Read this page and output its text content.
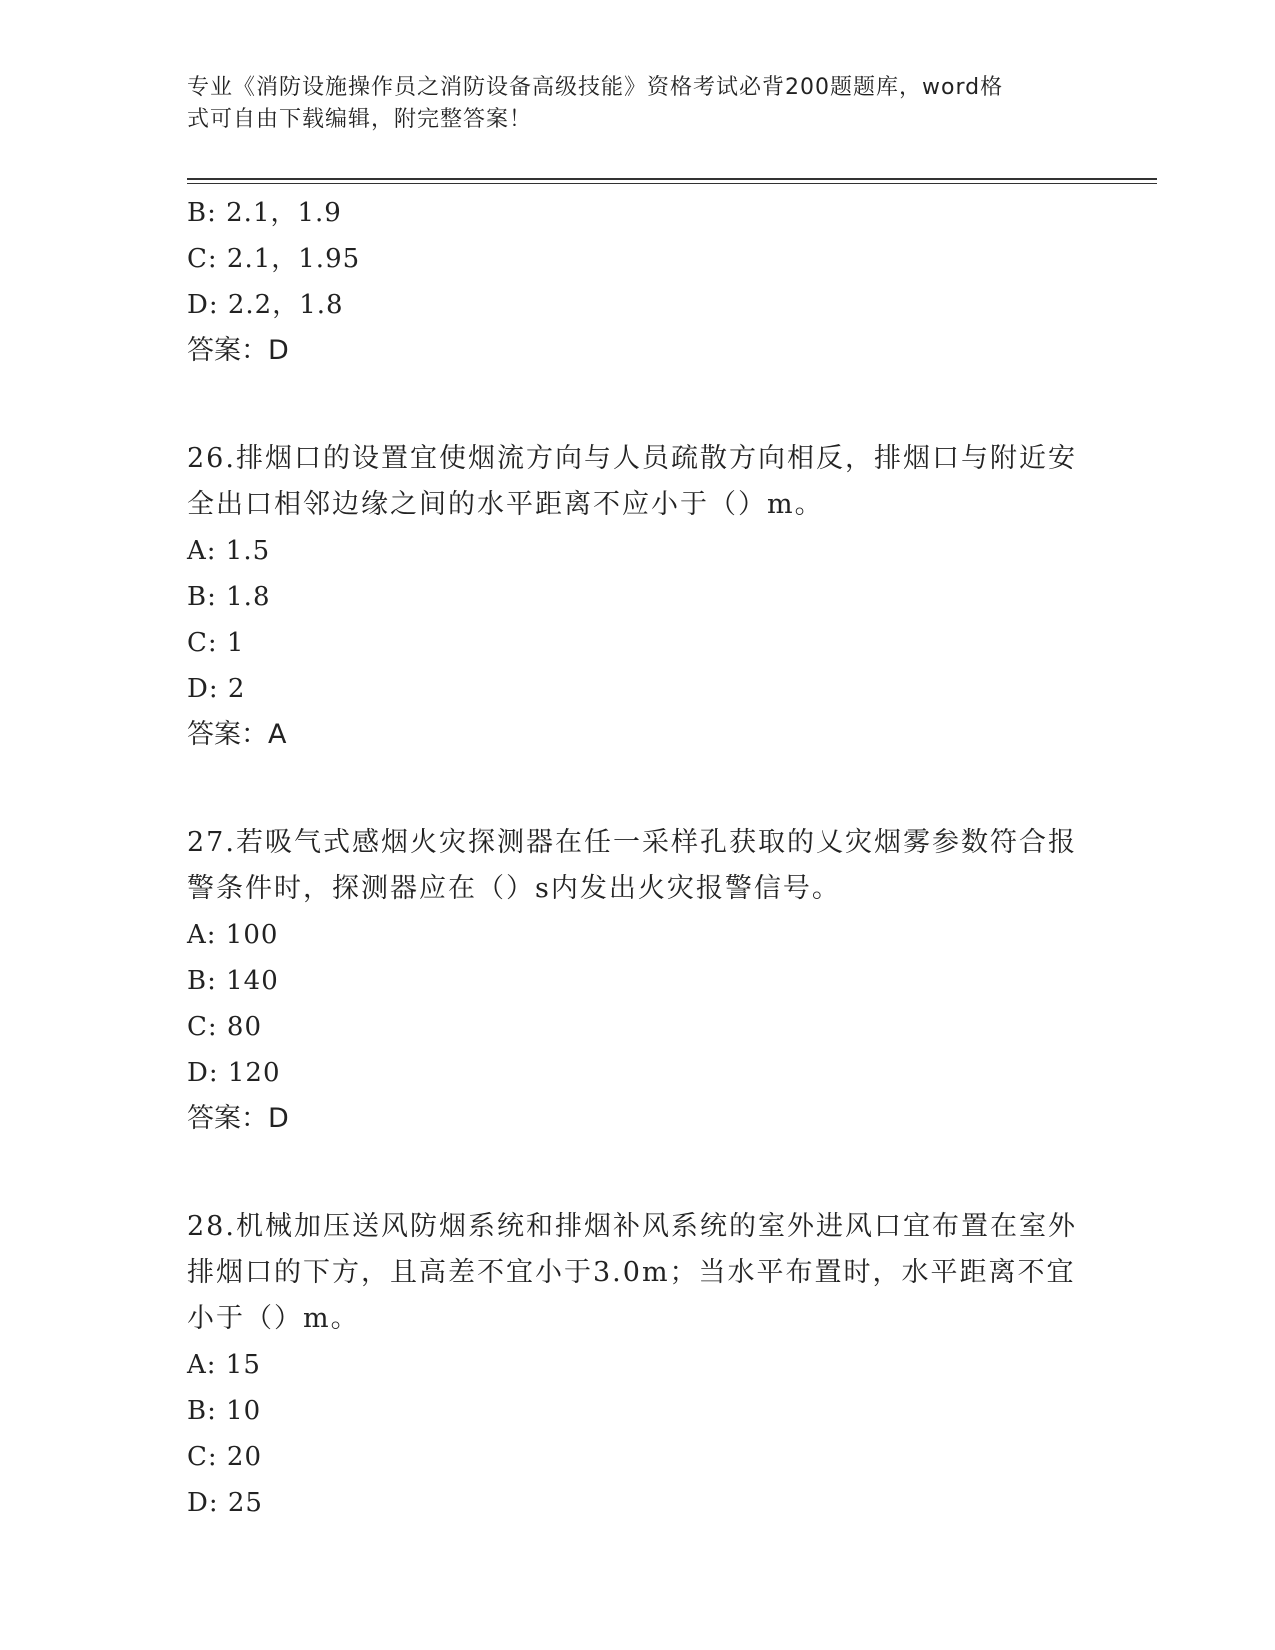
专业《消防设施操作员之消防设备高级技能》资格考试必背200题题库，word格
式可自由下载编辑，附完整答案！
B: 2.1，1.9
C: 2.1，1.95
D: 2.2，1.8
答案：D
26.排烟口的设置宜使烟流方向与人员疏散方向相反，排烟口与附近安
全出口相邻边缘之间的水平距离不应小于（）m。
A: 1.5
B: 1.8
C: 1
D: 2
答案：A
27.若吸气式感烟火灾探测器在任一采样孔获取的乂灾烟雾参数符合报
警条件时，探测器应在（）s内发出火灾报警信号。
A: 100
B: 140
C: 80
D: 120
答案：D
28.机械加压送风防烟系统和排烟补风系统的室外进风口宜布置在室外
排烟口的下方，且高差不宜小于3.0m；当水平布置时，水平距离不宜
小于（）m。
A: 15
B: 10
C: 20
D: 25
